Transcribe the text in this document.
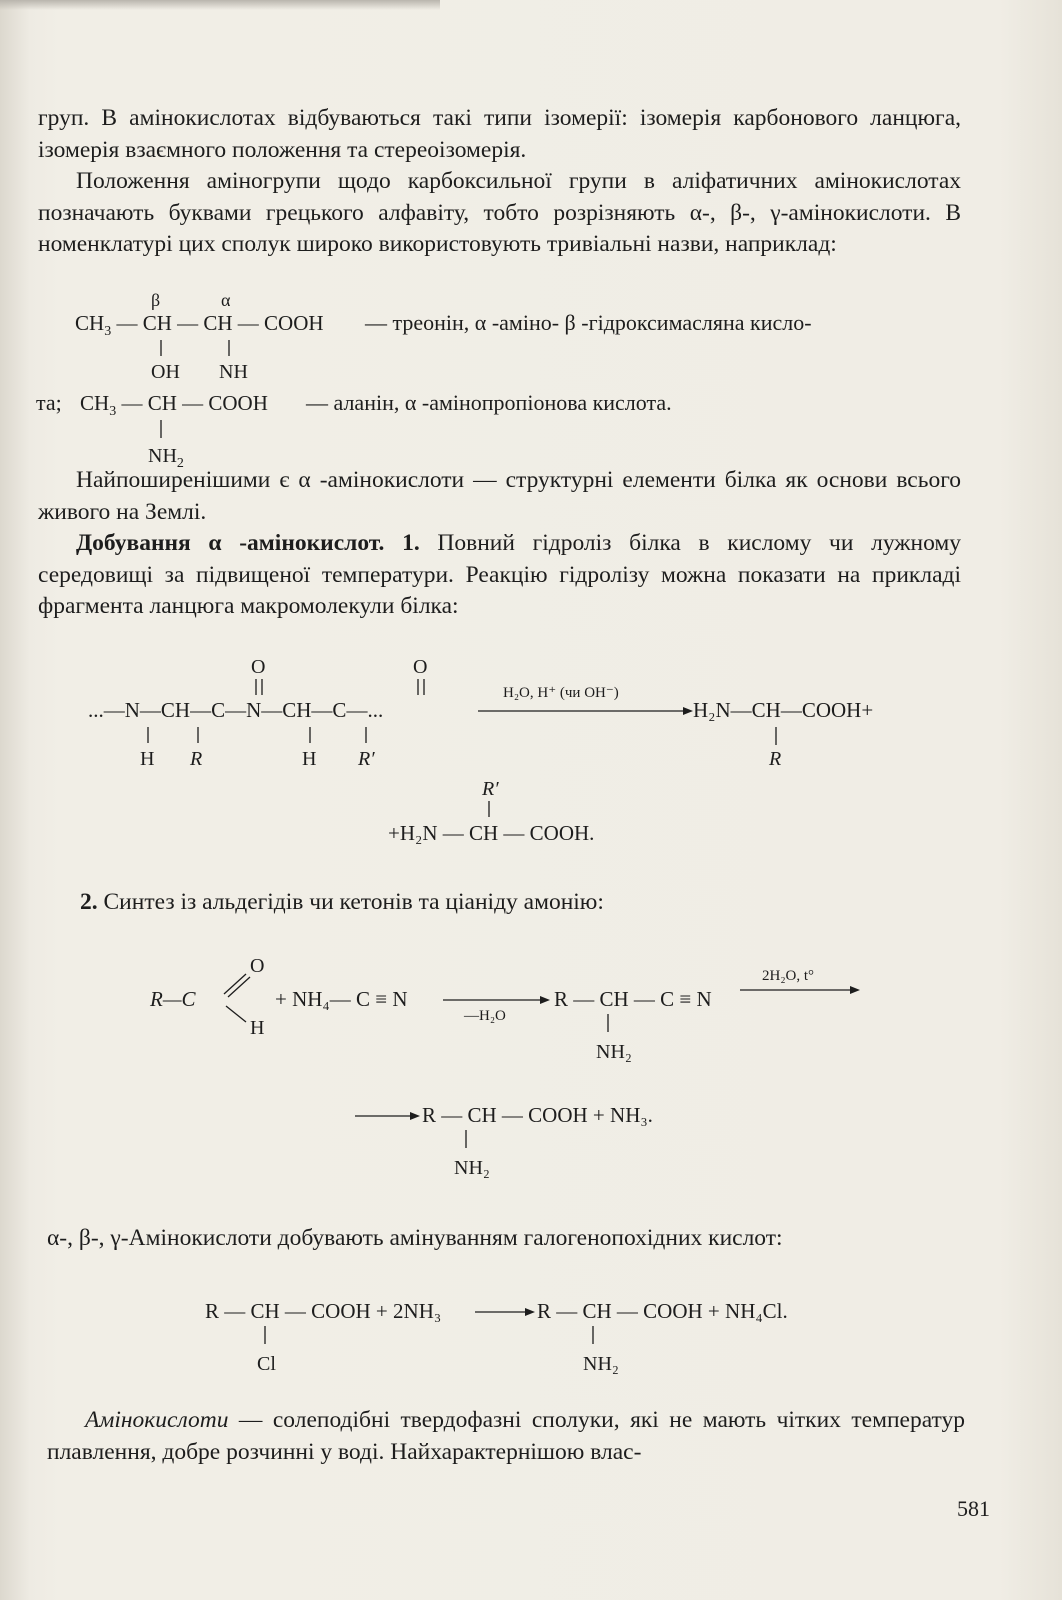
груп. В амінокислотах відбуваються такі типи ізомерії: ізомерія карбонового ланцюга, ізомерія взаємного положення та стереоізомерія.

Положення аміногрупи щодо карбоксильної групи в аліфатичних амінокислотах позначають буквами грецького алфавіту, тобто розрізняють α-, β-, γ-амінокислоти. В номенклатурі цих сполук широко використовують тривіальні назви, наприклад:

β	α
$CH_3$ — CH — CH — COOH
OH NH
— треонін, α -аміно- β -гідроксимасляна кисло-
та; $CH_3$ — CH — COOH
$NH_2$
— аланін, α -амінопропіонова кислота.

Найпоширенішими є α -амінокислоти — структурні елементи білка як основи всього живого на Землі.

Добування α -амінокислот. 1. Повний гідроліз білка в кислому чи лужному середовищі за підвищеної температури. Реакцію гідролізу можна показати на прикладі фрагмента ланцюга макромолекули білка:

O	O
...—N—CH—C—N—CH—C—...
H R	H R′
H₂O, H⁺ (чи OH⁻)
H₂N—CH—COOH+
R
R′
+H₂N — CH — COOH.

2. Синтез із альдегідів чи кетонів та ціаніду амонію:

R—C
O
H
+ NH₄— C ≡ N
—H₂O
R — CH — C ≡ N
NH₂
2H₂O, t°
R — CH — COOH + NH₃.
NH₂

α-, β-, γ-Амінокислоти добувають амінуванням галогенопохідних кислот:

R — CH — COOH + 2NH₃
Cl
R — CH — COOH + NH₄Cl.
NH₂

Амінокислоти — солеподібні твердофазні сполуки, які не мають чітких температур плавлення, добре розчинні у воді. Найхарактернішою влас-

581
